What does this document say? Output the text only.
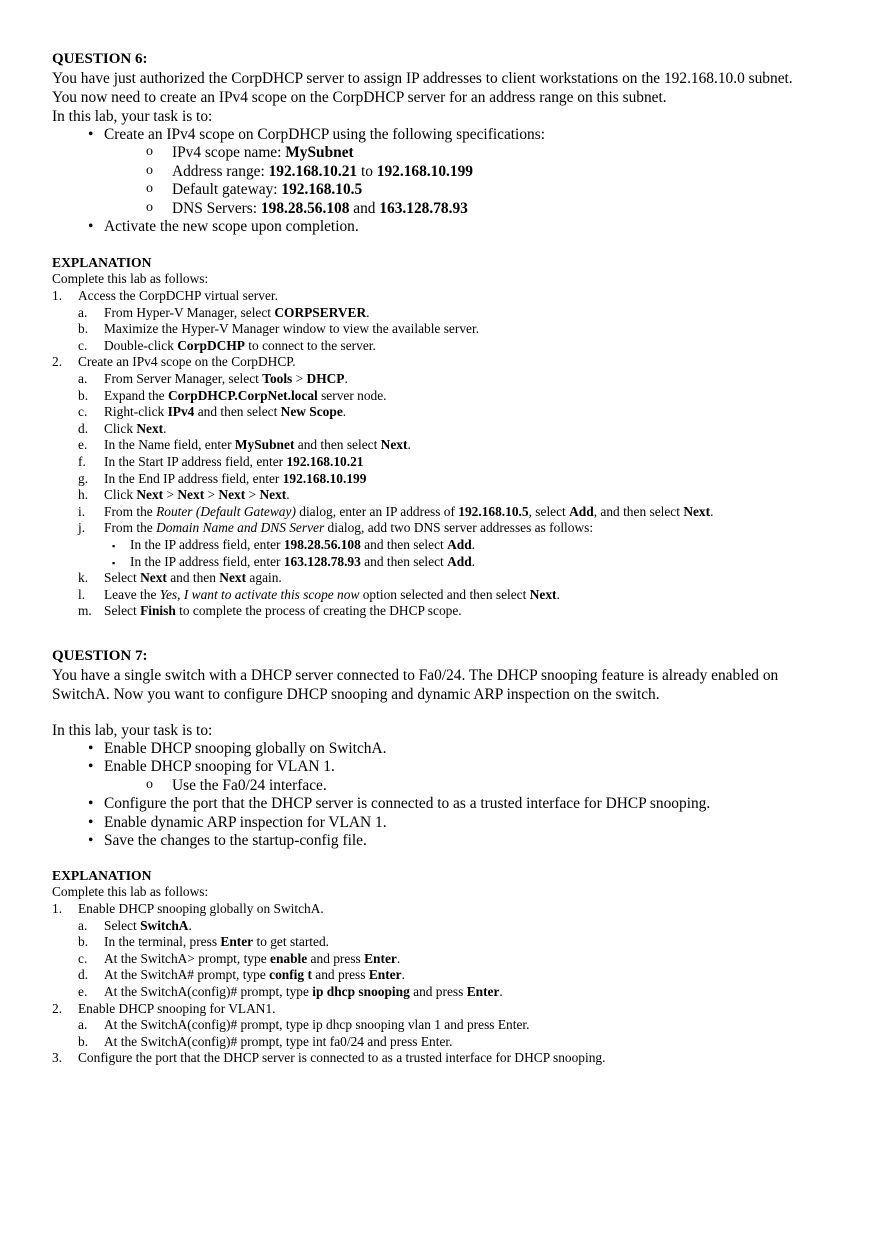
QUESTION 6:

You have just authorized the CorpDHCP server to assign IP addresses to client workstations on the 192.168.10.0 subnet.

You now need to create an IPv4 scope on the CorpDHCP server for an address range on this subnet.

In this lab, your task is to:

• Create an IPv4 scope on CorpDHCP using the following specifications:
o IPv4 scope name: MySubnet
o Address range: 192.168.10.21 to 192.168.10.199
o Default gateway: 192.168.10.5
o DNS Servers: 198.28.56.108 and 163.128.78.93
• Activate the new scope upon completion.

EXPLANATION

Complete this lab as follows:
1. Access the CorpDCHP virtual server.
a. From Hyper-V Manager, select CORPSERVER.
b. Maximize the Hyper-V Manager window to view the available server.
c. Double-click CorpDCHP to connect to the server.
2. Create an IPv4 scope on the CorpDHCP.
a. From Server Manager, select Tools > DHCP.
b. Expand the CorpDHCP.CorpNet.local server node.
c. Right-click IPv4 and then select New Scope.
d. Click Next.
e. In the Name field, enter MySubnet and then select Next.
f. In the Start IP address field, enter 192.168.10.21
g. In the End IP address field, enter 192.168.10.199
h. Click Next > Next > Next > Next.
i. From the Router (Default Gateway) dialog, enter an IP address of 192.168.10.5, select Add, and then select Next.
j. From the Domain Name and DNS Server dialog, add two DNS server addresses as follows:
▪ In the IP address field, enter 198.28.56.108 and then select Add.
▪ In the IP address field, enter 163.128.78.93 and then select Add.
k. Select Next and then Next again.
l. Leave the Yes, I want to activate this scope now option selected and then select Next.
m. Select Finish to complete the process of creating the DHCP scope.

QUESTION 7:

You have a single switch with a DHCP server connected to Fa0/24. The DHCP snooping feature is already enabled on

SwitchA. Now you want to configure DHCP snooping and dynamic ARP inspection on the switch.

In this lab, your task is to:

• Enable DHCP snooping globally on SwitchA.
• Enable DHCP snooping for VLAN 1.
o Use the Fa0/24 interface.
• Configure the port that the DHCP server is connected to as a trusted interface for DHCP snooping.
• Enable dynamic ARP inspection for VLAN 1.
• Save the changes to the startup-config file.

EXPLANATION

Complete this lab as follows:
1. Enable DHCP snooping globally on SwitchA.
a. Select SwitchA.
b. In the terminal, press Enter to get started.
c. At the SwitchA> prompt, type enable and press Enter.
d. At the SwitchA# prompt, type config t and press Enter.
e. At the SwitchA(config)# prompt, type ip dhcp snooping and press Enter.
2. Enable DHCP snooping for VLAN1.
a. At the SwitchA(config)# prompt, type ip dhcp snooping vlan 1 and press Enter.
b. At the SwitchA(config)# prompt, type int fa0/24 and press Enter.
3. Configure the port that the DHCP server is connected to as a trusted interface for DHCP snooping.
